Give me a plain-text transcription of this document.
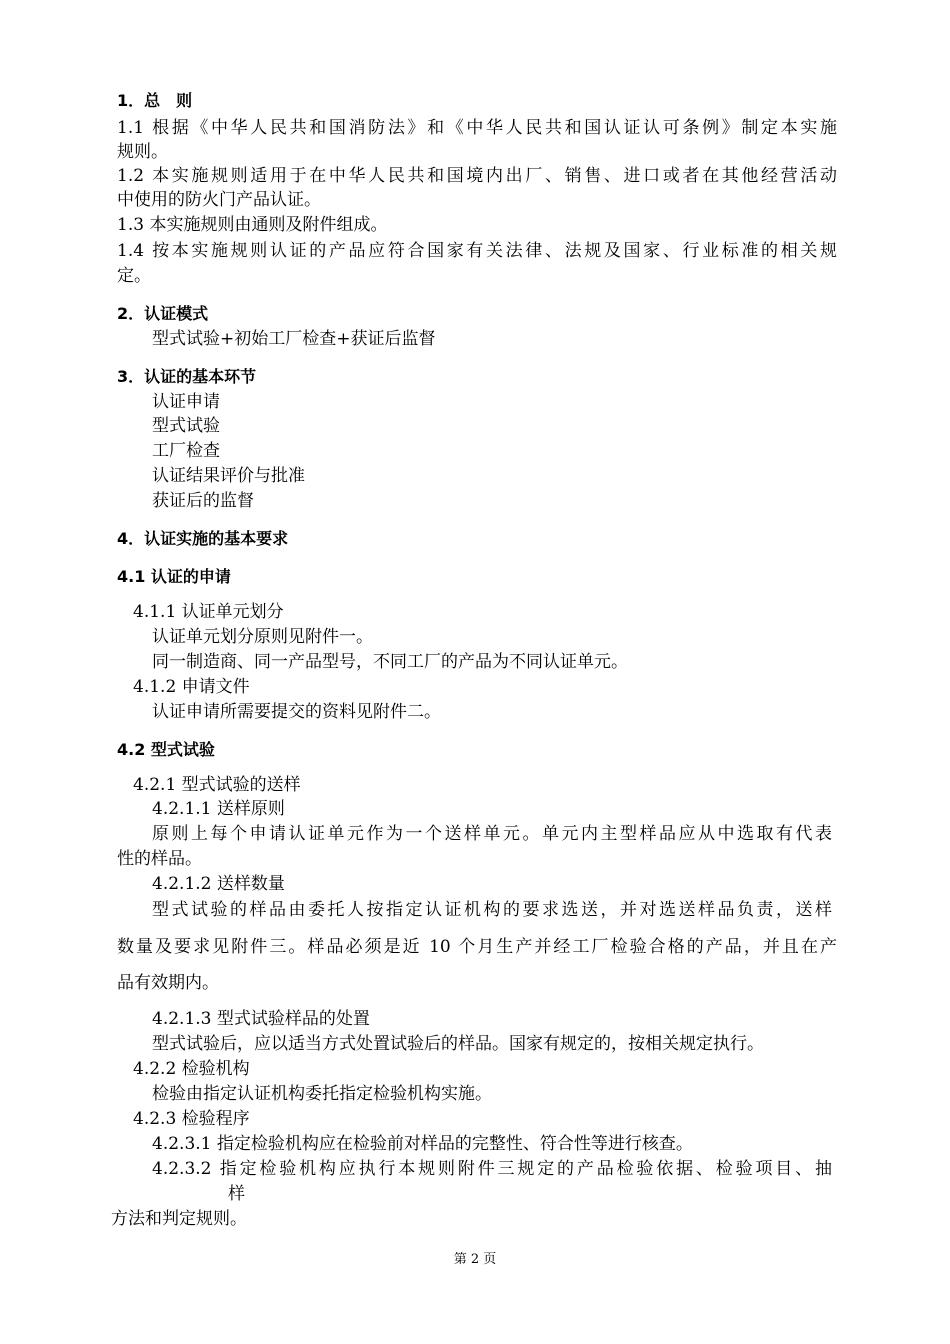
1．总　则
1.1 根据《中华人民共和国消防法》和《中华人民共和国认证认可条例》制定本实施
规则。
1.2 本实施规则适用于在中华人民共和国境内出厂、销售、进口或者在其他经营活动
中使用的防火门产品认证。
1.3 本实施规则由通则及附件组成。
1.4 按本实施规则认证的产品应符合国家有关法律、法规及国家、行业标准的相关规
定。
2．认证模式
型式试验+初始工厂检查+获证后监督
3．认证的基本环节
认证申请
型式试验
工厂检查
认证结果评价与批准
获证后的监督
4．认证实施的基本要求
4.1 认证的申请
4.1.1 认证单元划分
认证单元划分原则见附件一。
同一制造商、同一产品型号，不同工厂的产品为不同认证单元。
4.1.2 申请文件
认证申请所需要提交的资料见附件二。
4.2 型式试验
4.2.1 型式试验的送样
4.2.1.1 送样原则
原则上每个申请认证单元作为一个送样单元。单元内主型样品应从中选取有代表
性的样品。
4.2.1.2 送样数量
型式试验的样品由委托人按指定认证机构的要求选送，并对选送样品负责，送样
数量及要求见附件三。样品必须是近 10 个月生产并经工厂检验合格的产品，并且在产
品有效期内。
4.2.1.3 型式试验样品的处置
型式试验后，应以适当方式处置试验后的样品。国家有规定的，按相关规定执行。
4.2.2 检验机构
检验由指定认证机构委托指定检验机构实施。
4.2.3 检验程序
4.2.3.1 指定检验机构应在检验前对样品的完整性、符合性等进行核查。
4.2.3.2 指定检验机构应执行本规则附件三规定的产品检验依据、检验项目、抽
样
方法和判定规则。
第 2 页
